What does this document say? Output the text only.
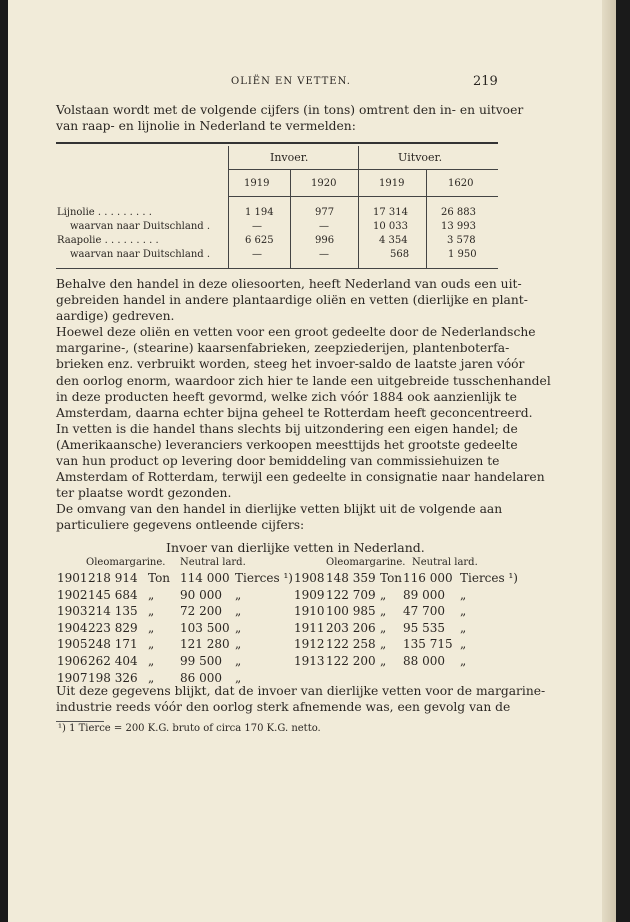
OLIËN EN VETTEN.	219

Volstaan wordt met de volgende cijfers (in tons) omtrent den in- en uitvoer
van raap- en lijnolie in Nederland te vermelden:

Invoer.	Uitvoer.
1919	1920	1919	1620
Lijnolie . . . . . . . . .	1 194	977	17 314	26 883
waarvan naar Duitschland .	—	—	10 033	13 993
Raapolie . . . . . . . . .	6 625	996	4 354	3 578
waarvan naar Duitschland .	—	—	568	1 950

Behalve den handel in deze oliesoorten, heeft Nederland van ouds een uit-
gebreiden handel in andere plantaardige oliën en vetten (dierlijke en plant-
aardige) gedreven.
Hoewel deze oliën en vetten voor een groot gedeelte door de Nederlandsche
margarine-, (stearine) kaarsenfabrieken, zeepziederijen, plantenboterfa-
brieken enz. verbruikt worden, steeg het invoer-saldo de laatste jaren vóór
den oorlog enorm, waardoor zich hier te lande een uitgebreide tusschenhandel
in deze producten heeft gevormd, welke zich vóór 1884 ook aanzienlijk te
Amsterdam, daarna echter bijna geheel te Rotterdam heeft geconcentreerd.
In vetten is die handel thans slechts bij uitzondering een eigen handel; de
(Amerikaansche) leveranciers verkoopen meesttijds het grootste gedeelte
van hun product op levering door bemiddeling van commissiehuizen te
Amsterdam of Rotterdam, terwijl een gedeelte in consignatie naar handelaren
ter plaatse wordt gezonden.
De omvang van den handel in dierlijke vetten blijkt uit de volgende aan
particuliere gegevens ontleende cijfers:

Invoer van dierlijke vetten in Nederland.
Oleomargarine. Neutral lard.	Oleomargarine. Neutral lard.
1901 218 914 Ton 114 000 Tierces ¹)
1902 145 684 „ 90 000 „
1903 214 135 „ 72 200 „
1904 223 829 „ 103 500 „
1905 248 171 „ 121 280 „
1906 262 404 „ 99 500 „
1907 198 326 „ 86 000 „
1908 148 359 Ton 116 000 Tierces ¹)
1909 122 709 „ 89 000 „
1910 100 985 „ 47 700 „
1911 203 206 „ 95 535 „
1912 122 258 „ 135 715 „
1913 122 200 „ 88 000 „

Uit deze gegevens blijkt, dat de invoer van dierlijke vetten voor de margarine-
industrie reeds vóór den oorlog sterk afnemende was, een gevolg van de

¹) 1 Tierce = 200 K.G. bruto of circa 170 K.G. netto.
